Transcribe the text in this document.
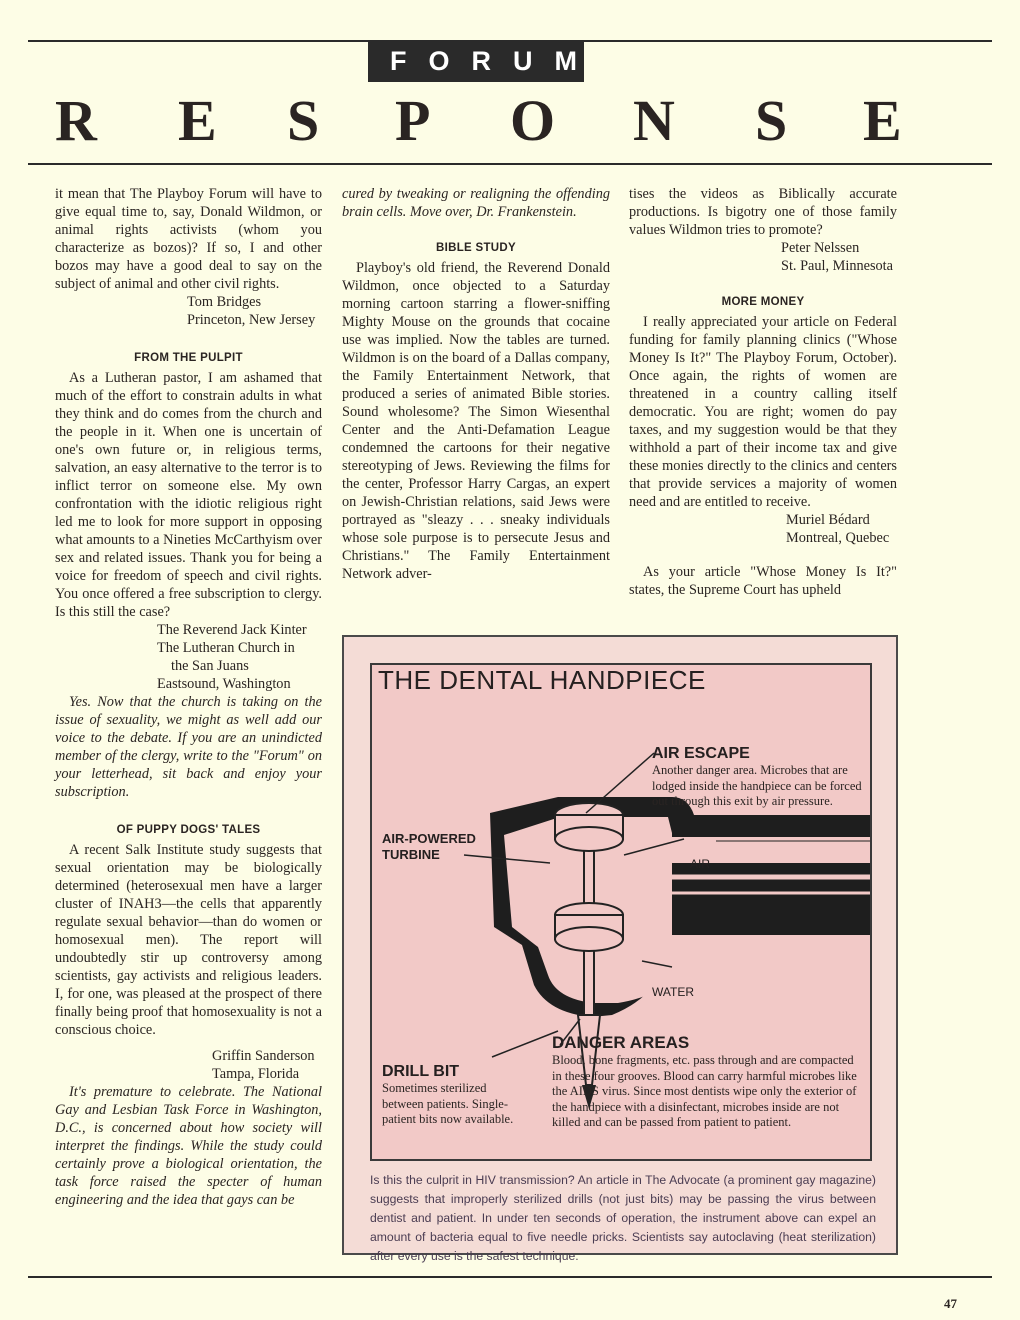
FORUM
R E S P O N S E

it mean that The Playboy Forum will have to give equal time to, say, Donald Wildmon, or animal rights activists (whom you characterize as bozos)? If so, I and other bozos may have a good deal to say on the subject of animal and other civil rights.

Tom Bridges
Princeton, New Jersey

FROM THE PULPIT

As a Lutheran pastor, I am ashamed that much of the effort to constrain adults in what they think and do comes from the church and the people in it. When one is uncertain of one's own future or, in religious terms, salvation, an easy alternative to the terror is to inflict terror on someone else. My own confrontation with the idiotic religious right led me to look for more support in opposing what amounts to a Nineties McCarthyism over sex and related issues. Thank you for being a voice for freedom of speech and civil rights. You once offered a free subscription to clergy. Is this still the case?

The Reverend Jack Kinter
The Lutheran Church in
the San Juans
Eastsound, Washington

Yes. Now that the church is taking on the issue of sexuality, we might as well add our voice to the debate. If you are an unindicted member of the clergy, write to the "Forum" on your letterhead, sit back and enjoy your subscription.

OF PUPPY DOGS' TALES

A recent Salk Institute study suggests that sexual orientation may be biologically determined (heterosexual men have a larger cluster of INAH3—the cells that apparently regulate sexual behavior—than do women or homosexual men). The report will undoubtedly stir up controversy among scientists, gay activists and religious leaders. I, for one, was pleased at the prospect of there finally being proof that homosexuality is not a conscious choice.

Griffin Sanderson
Tampa, Florida

It's premature to celebrate. The National Gay and Lesbian Task Force in Washington, D.C., is concerned about how society will interpret the findings. While the study could certainly prove a biological orientation, the task force raised the specter of human engineering and the idea that gays can be

cured by tweaking or realigning the offending brain cells. Move over, Dr. Frankenstein.

BIBLE STUDY

Playboy's old friend, the Reverend Donald Wildmon, once objected to a Saturday morning cartoon starring a flower-sniffing Mighty Mouse on the grounds that cocaine use was implied. Now the tables are turned. Wildmon is on the board of a Dallas company, the Family Entertainment Network, that produced a series of animated Bible stories. Sound wholesome? The Simon Wiesenthal Center and the Anti-Defamation League condemned the cartoons for their negative stereotyping of Jews. Reviewing the films for the center, Professor Harry Cargas, an expert on Jewish-Christian relations, said Jews were portrayed as "sleazy . . . sneaky individuals whose sole purpose is to persecute Jesus and Christians." The Family Entertainment Network adver-

tises the videos as Biblically accurate productions. Is bigotry one of those family values Wildmon tries to promote?

Peter Nelssen
St. Paul, Minnesota

MORE MONEY

I really appreciated your article on Federal funding for family planning clinics ("Whose Money Is It?" The Playboy Forum, October). Once again, the rights of women are threatened in a country calling itself democratic. You are right; women do pay taxes, and my suggestion would be that they withhold a part of their income tax and give these monies directly to the clinics and centers that provide services a majority of women need and are entitled to receive.

Muriel Bédard
Montreal, Quebec

As your article "Whose Money Is It?" states, the Supreme Court has upheld

THE DENTAL HANDPIECE
AIR ESCAPE
Another danger area. Microbes that are lodged inside the handpiece can be forced out through this exit by air pressure.
AIR-POWERED
TURBINE
AIR
WATER
DANGER AREAS
Blood, bone fragments, etc. pass through and are compacted in these four grooves. Blood can carry harmful microbes like the AIDS virus. Since most dentists wipe only the exterior of the handpiece with a disinfectant, microbes inside are not killed and can be passed from patient to patient.
DRILL BIT
Sometimes sterilized between patients. Single-patient bits now available.
Is this the culprit in HIV transmission? An article in The Advocate (a prominent gay magazine) suggests that improperly sterilized drills (not just bits) may be passing the virus between dentist and patient. In under ten seconds of operation, the instrument above can expel an amount of bacteria equal to five needle pricks. Scientists say autoclaving (heat sterilization) after every use is the safest technique.
47
